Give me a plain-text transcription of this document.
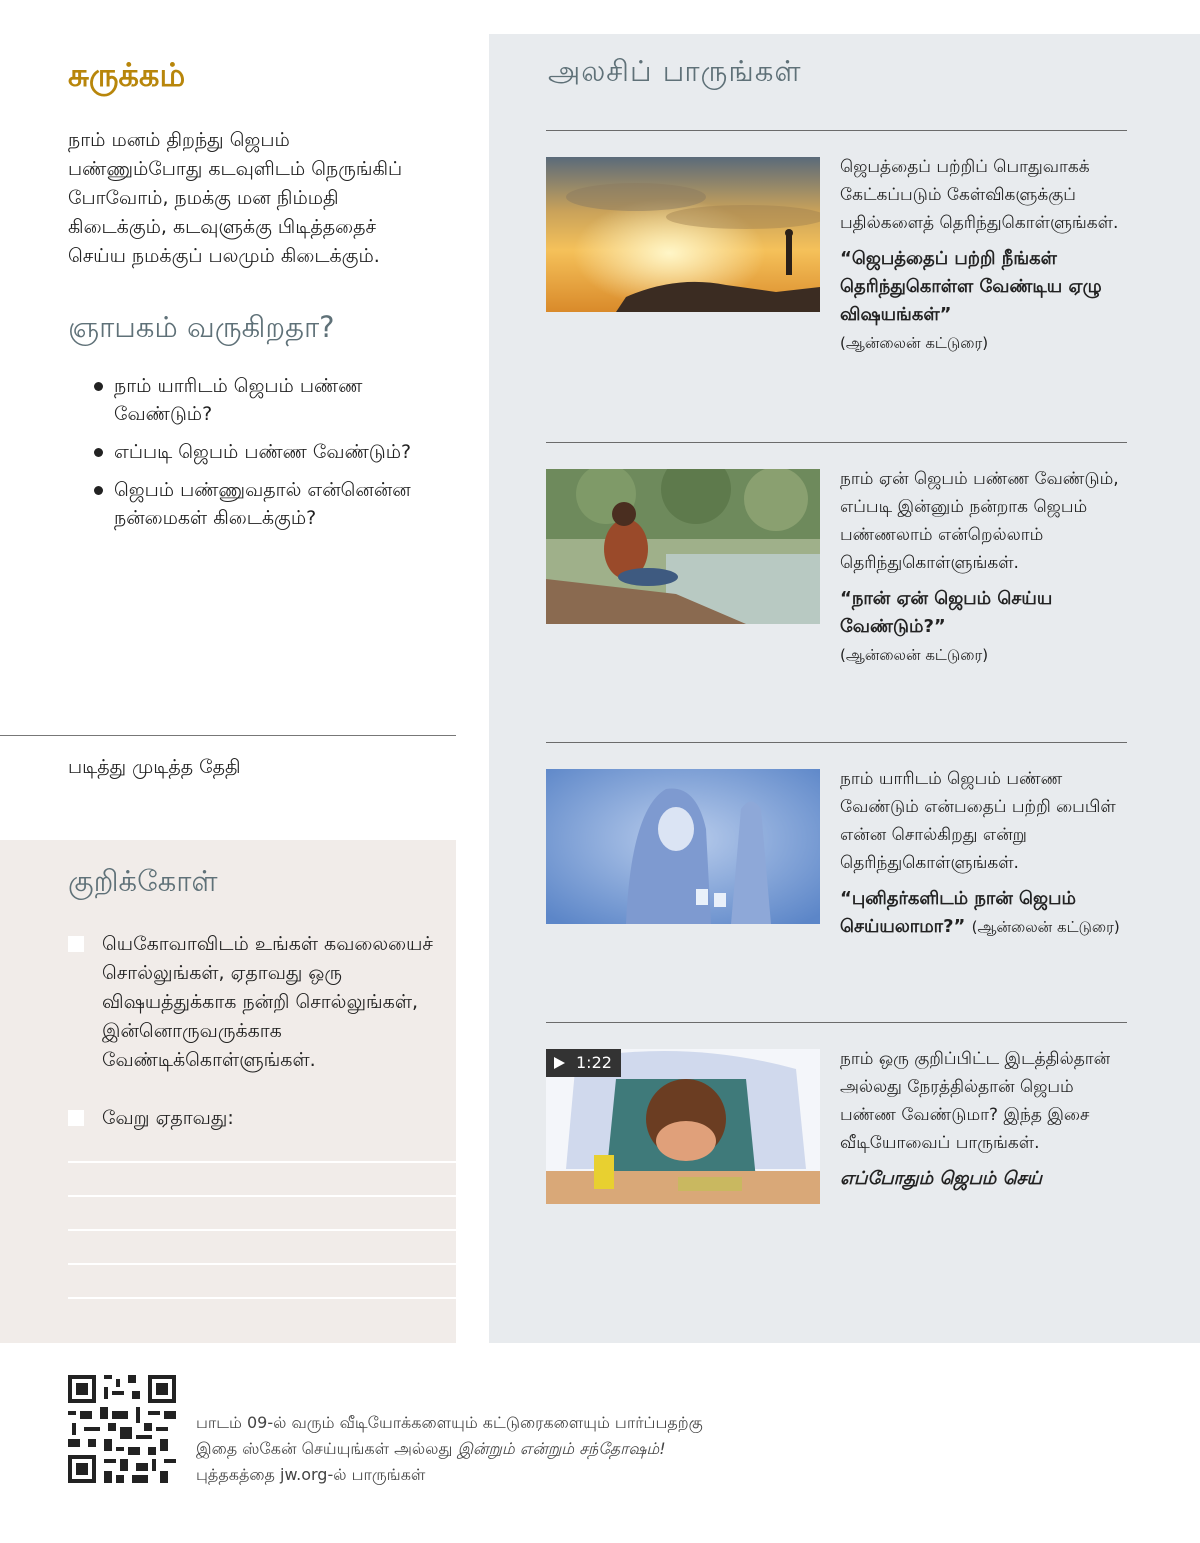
சுருக்கம்

நாம் மனம் திறந்து ஜெபம் பண்ணும்போது கடவுளிடம் நெருங்கிப் போவோம், நமக்கு மன நிம்மதி கிடைக்கும், கடவுளுக்கு பிடித்ததைச் செய்ய நமக்குப் பலமும் கிடைக்கும்.

ஞாபகம் வருகிறதா?
நாம் யாரிடம் ஜெபம் பண்ண வேண்டும்?
எப்படி ஜெபம் பண்ண வேண்டும்?
ஜெபம் பண்ணுவதால் என்னென்ன நன்மைகள் கிடைக்கும்?
படித்து முடித்த தேதி
குறிக்கோள்
யெகோவாவிடம் உங்கள் கவலையைச் சொல்லுங்கள், ஏதாவது ஒரு விஷயத்துக்காக நன்றி சொல்லுங்கள், இன்னொருவருக்காக வேண்டிக்கொள்ளுங்கள்.
வேறு ஏதாவது:
அலசிப் பாருங்கள்

ஜெபத்தைப் பற்றிப் பொதுவாகக் கேட்கப்படும் கேள்விகளுக்குப் பதில்களைத் தெரிந்துகொள்ளுங்கள்.

“ஜெபத்தைப் பற்றி நீங்கள் தெரிந்துகொள்ள வேண்டிய ஏழு விஷயங்கள்”

(ஆன்லைன் கட்டுரை)

நாம் ஏன் ஜெபம் பண்ண வேண்டும், எப்படி இன்னும் நன்றாக ஜெபம் பண்ணலாம் என்றெல்லாம் தெரிந்துகொள்ளுங்கள்.

“நான் ஏன் ஜெபம் செய்ய வேண்டும்?”

(ஆன்லைன் கட்டுரை)

நாம் யாரிடம் ஜெபம் பண்ண வேண்டும் என்பதைப் பற்றி பைபிள் என்ன சொல்கிறது என்று தெரிந்துகொள்ளுங்கள்.

“புனிதர்களிடம் நான் ஜெபம் செய்யலாமா?” (ஆன்லைன் கட்டுரை)

1:22	நாம் ஒரு குறிப்பிட்ட இடத்தில்தான் அல்லது நேரத்தில்தான் ஜெபம் பண்ண வேண்டுமா? இந்த இசை வீடியோவைப் பாருங்கள்.

எப்போதும் ஜெபம் செய்

பாடம் 09-ல் வரும் வீடியோக்களையும் கட்டுரைகளையும் பார்ப்பதற்கு இதை ஸ்கேன் செய்யுங்கள் அல்லது இன்றும் என்றும் சந்தோஷம்! புத்தகத்தை jw.org-ல் பாருங்கள்
